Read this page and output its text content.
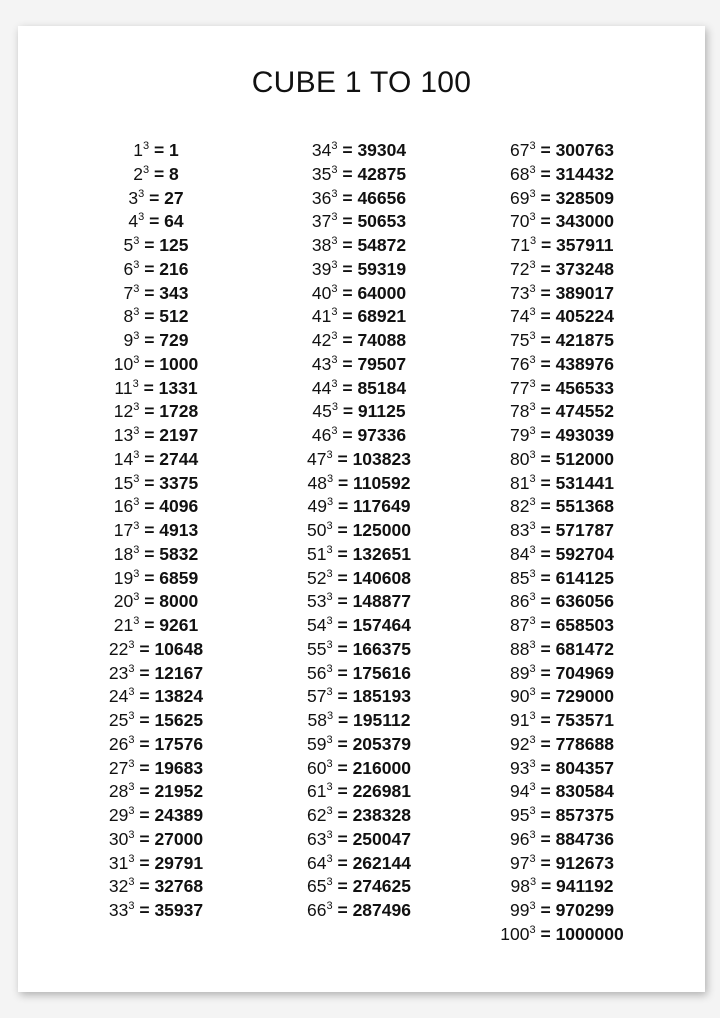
CUBE 1 TO 100
$1^3 = 1$
$2^3 = 8$
$3^3 = 27$
$4^3 = 64$
$5^3 = 125$
$6^3 = 216$
$7^3 = 343$
$8^3 = 512$
$9^3 = 729$
$10^3 = 1000$
$11^3 = 1331$
$12^3 = 1728$
$13^3 = 2197$
$14^3 = 2744$
$15^3 = 3375$
$16^3 = 4096$
$17^3 = 4913$
$18^3 = 5832$
$19^3 = 6859$
$20^3 = 8000$
$21^3 = 9261$
$22^3 = 10648$
$23^3 = 12167$
$24^3 = 13824$
$25^3 = 15625$
$26^3 = 17576$
$27^3 = 19683$
$28^3 = 21952$
$29^3 = 24389$
$30^3 = 27000$
$31^3 = 29791$
$32^3 = 32768$
$33^3 = 35937$
$34^3 = 39304$
$35^3 = 42875$
$36^3 = 46656$
$37^3 = 50653$
$38^3 = 54872$
$39^3 = 59319$
$40^3 = 64000$
$41^3 = 68921$
$42^3 = 74088$
$43^3 = 79507$
$44^3 = 85184$
$45^3 = 91125$
$46^3 = 97336$
$47^3 = 103823$
$48^3 = 110592$
$49^3 = 117649$
$50^3 = 125000$
$51^3 = 132651$
$52^3 = 140608$
$53^3 = 148877$
$54^3 = 157464$
$55^3 = 166375$
$56^3 = 175616$
$57^3 = 185193$
$58^3 = 195112$
$59^3 = 205379$
$60^3 = 216000$
$61^3 = 226981$
$62^3 = 238328$
$63^3 = 250047$
$64^3 = 262144$
$65^3 = 274625$
$66^3 = 287496$
$67^3 = 300763$
$68^3 = 314432$
$69^3 = 328509$
$70^3 = 343000$
$71^3 = 357911$
$72^3 = 373248$
$73^3 = 389017$
$74^3 = 405224$
$75^3 = 421875$
$76^3 = 438976$
$77^3 = 456533$
$78^3 = 474552$
$79^3 = 493039$
$80^3 = 512000$
$81^3 = 531441$
$82^3 = 551368$
$83^3 = 571787$
$84^3 = 592704$
$85^3 = 614125$
$86^3 = 636056$
$87^3 = 658503$
$88^3 = 681472$
$89^3 = 704969$
$90^3 = 729000$
$91^3 = 753571$
$92^3 = 778688$
$93^3 = 804357$
$94^3 = 830584$
$95^3 = 857375$
$96^3 = 884736$
$97^3 = 912673$
$98^3 = 941192$
$99^3 = 970299$
$100^3 = 1000000$
